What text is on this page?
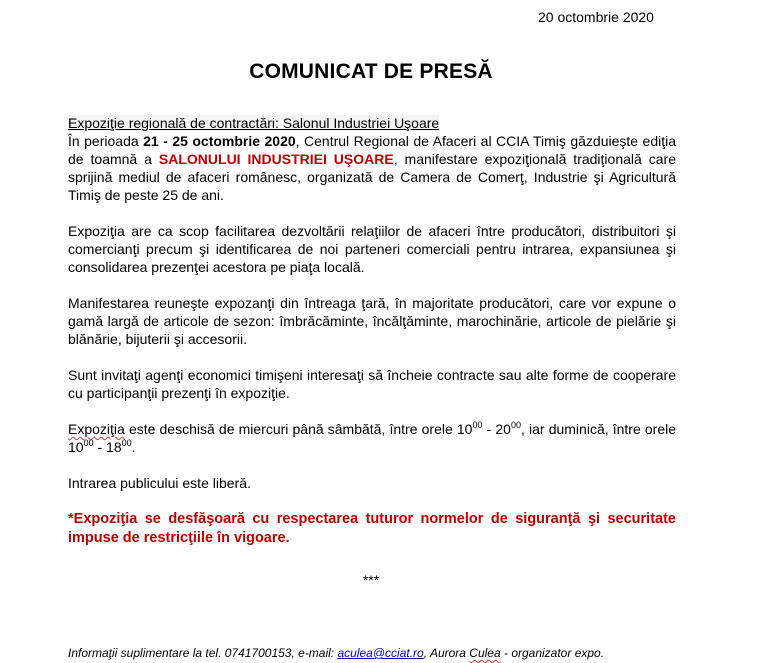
20 octombrie 2020
COMUNICAT DE PRESĂ

Expoziţie regională de contractări: Salonul Industriei Uşoare

În perioada 21 - 25 octombrie 2020, Centrul Regional de Afaceri al CCIA Timiş găzduieşte ediţia de toamnă a SALONULUI INDUSTRIEI UŞOARE, manifestare expoziţională tradiţională care sprijină mediul de afaceri românesc, organizată de Camera de Comerţ, Industrie şi Agricultură Timiş de peste 25 de ani.

Expoziţia are ca scop facilitarea dezvoltării relaţiilor de afaceri între producători, distribuitori şi comercianţi precum şi identificarea de noi parteneri comerciali pentru intrarea, expansiunea şi consolidarea prezenţei acestora pe piaţa locală.

Manifestarea reuneşte expozanţi din întreaga ţară, în majoritate producători, care vor expune o gamă largă de articole de sezon: îmbrăcăminte, încălţăminte, marochinărie, articole de pielărie şi blănărie, bijuterii şi accesorii.

Sunt invitaţi agenţi economici timişeni interesaţi să încheie contracte sau alte forme de cooperare cu participanţii prezenţi în expoziţie.

Expoziţia este deschisă de miercuri până sâmbătă, între orele $10^{00} - 20^{00}$, iar duminică, între orele $10^{00} - 18^{00}$.

Intrarea publicului este liberă.

*Expoziţia se desfăşoară cu respectarea tuturor normelor de siguranţă şi securitate impuse de restricţiile în vigoare.

***
Informaţii suplimentare la tel. 0741700153, e-mail: aculea@cciat.ro, Aurora Culea - organizator expo.
